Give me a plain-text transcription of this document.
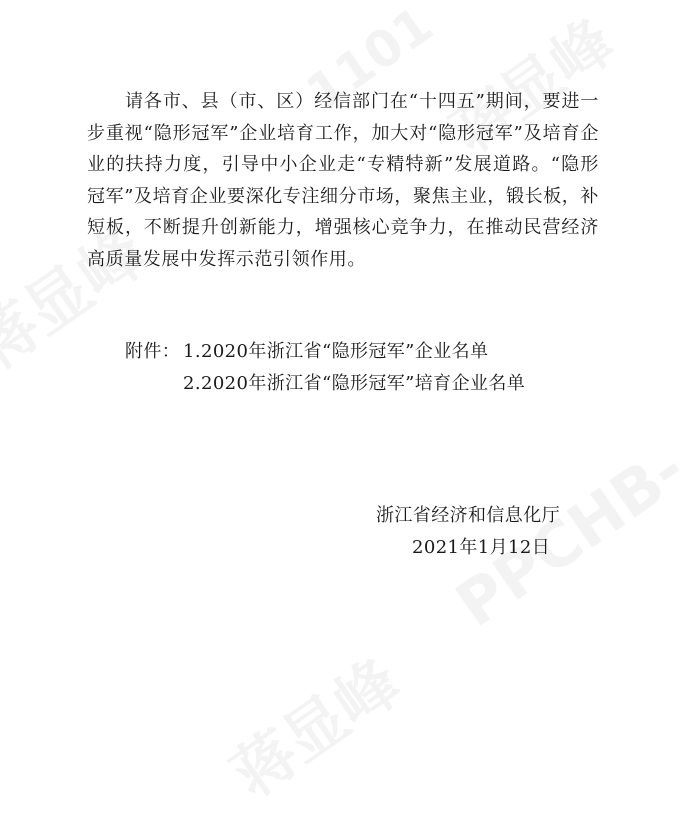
请各市、县（市、区）经信部门在“十四五”期间，要进一步重视“隐形冠军”企业培育工作，加大对“隐形冠军”及培育企业的扶持力度，引导中小企业走“专精特新”发展道路。“隐形冠军”及培育企业要深化专注细分市场，聚焦主业，锻长板，补短板，不断提升创新能力，增强核心竞争力，在推动民营经济高质量发展中发挥示范引领作用。

附件： 1.2020年浙江省“隐形冠军”企业名单
2.2020年浙江省“隐形冠军”培育企业名单
浙江省经济和信息化厅
2021年1月12日
